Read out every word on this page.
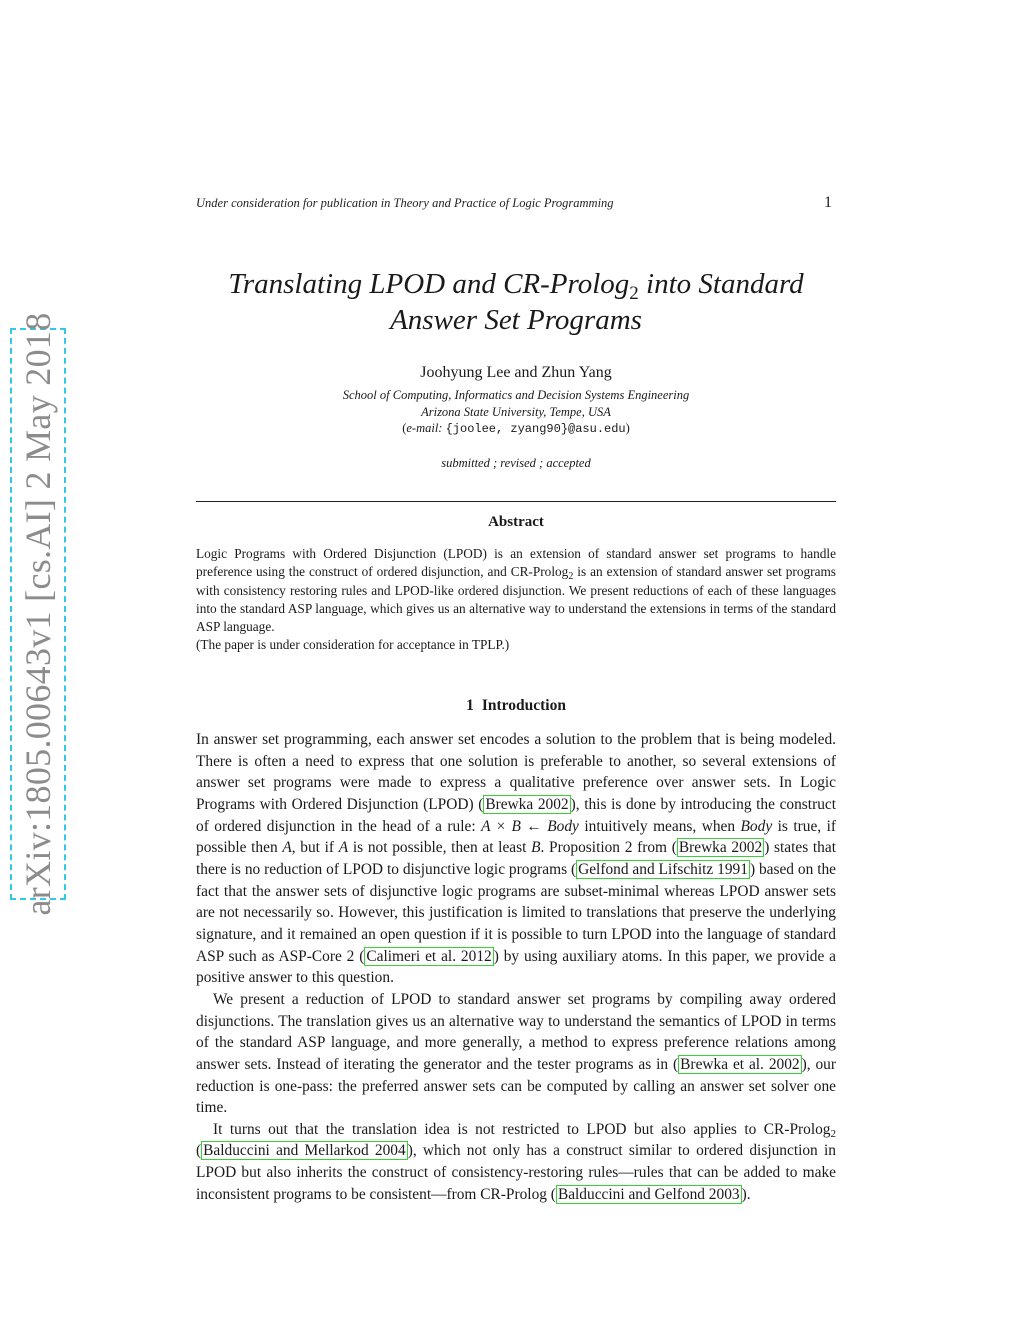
arXiv:1805.00643v1 [cs.AI] 2 May 2018
Under consideration for publication in Theory and Practice of Logic Programming	1
Translating LPOD and CR-Prolog$_2$ into Standard
Answer Set Programs
Joohyung Lee and Zhun Yang
School of Computing, Informatics and Decision Systems Engineering
Arizona State University, Tempe, USA
(e-mail: {joolee, zyang90}@asu.edu)
submitted ; revised ; accepted
Abstract

Logic Programs with Ordered Disjunction (LPOD) is an extension of standard answer set programs to handle preference using the construct of ordered disjunction, and CR-Prolog$_2$ is an extension of standard answer set programs with consistency restoring rules and LPOD-like ordered disjunction. We present reductions of each of these languages into the standard ASP language, which gives us an alternative way to understand the extensions in terms of the standard ASP language.

(The paper is under consideration for acceptance in TPLP.)

1 Introduction

In answer set programming, each answer set encodes a solution to the problem that is being modeled. There is often a need to express that one solution is preferable to another, so several extensions of answer set programs were made to express a qualitative preference over answer sets. In Logic Programs with Ordered Disjunction (LPOD) ( Brewka 2002 ), this is done by introducing the construct of ordered disjunction in the head of a rule: A × B ← Body intuitively means, when Body is true, if possible then A, but if A is not possible, then at least B. Proposition 2 from ( Brewka 2002 ) states that there is no reduction of LPOD to disjunctive logic programs ( Gelfond and Lifschitz 1991 ) based on the fact that the answer sets of disjunctive logic programs are subset-minimal whereas LPOD answer sets are not necessarily so. However, this justification is limited to translations that preserve the underlying signature, and it remained an open question if it is possible to turn LPOD into the language of standard ASP such as ASP-Core 2 ( Calimeri et al. 2012 ) by using auxiliary atoms. In this paper, we provide a positive answer to this question.

We present a reduction of LPOD to standard answer set programs by compiling away ordered disjunctions. The translation gives us an alternative way to understand the semantics of LPOD in terms of the standard ASP language, and more generally, a method to express preference relations among answer sets. Instead of iterating the generator and the tester programs as in ( Brewka et al. 2002 ), our reduction is one-pass: the preferred answer sets can be computed by calling an answer set solver one time.

It turns out that the translation idea is not restricted to LPOD but also applies to CR-Prolog$_2$ ( Balduccini and Mellarkod 2004 ), which not only has a construct similar to ordered disjunction in LPOD but also inherits the construct of consistency-restoring rules—rules that can be added to make inconsistent programs to be consistent—from CR-Prolog ( Balduccini and Gelfond 2003 ).
